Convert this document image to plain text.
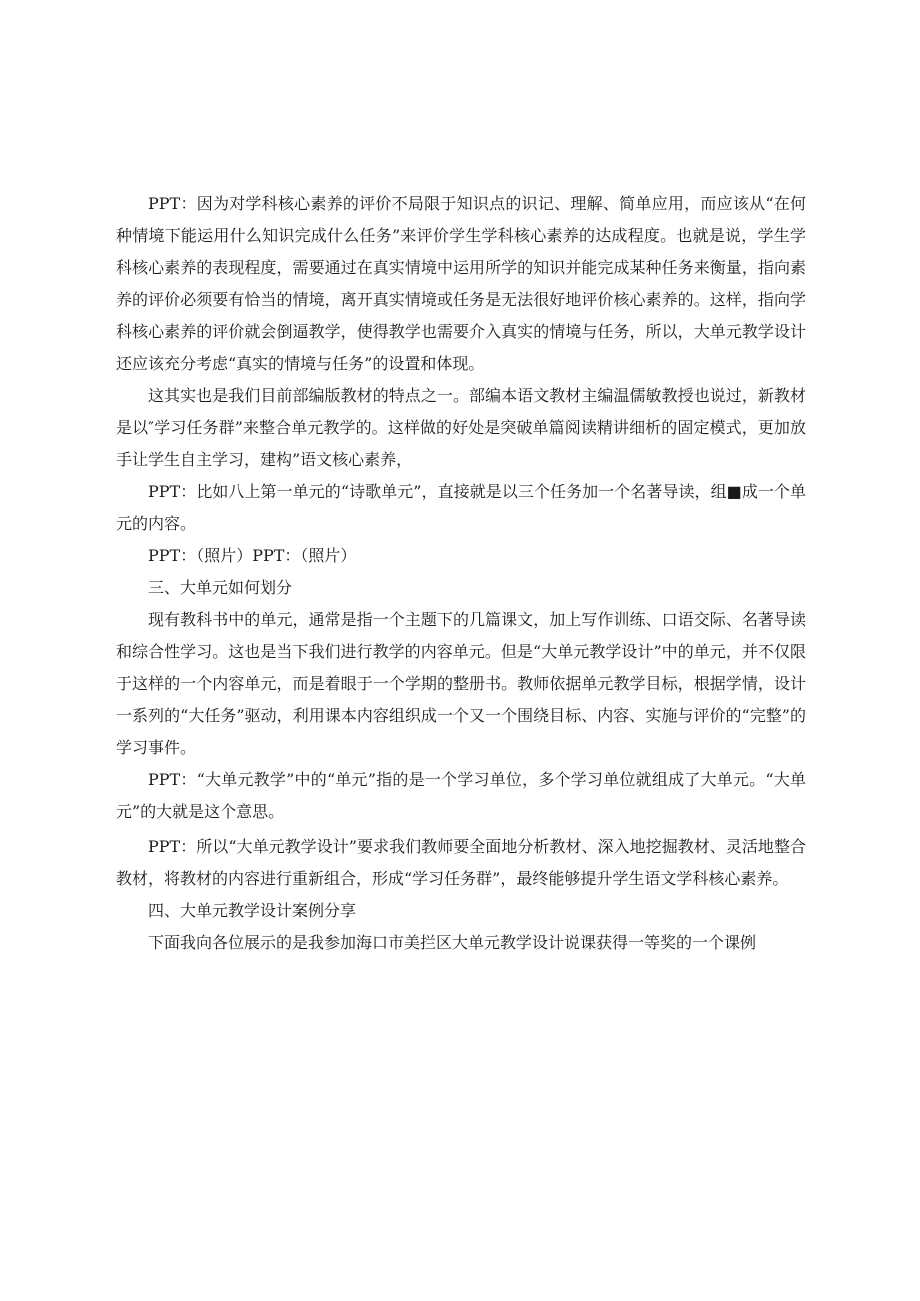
PPT：因为对学科核心素养的评价不局限于知识点的识记、理解、简单应用，而应该从“在何种情境下能运用什么知识完成什么任务”来评价学生学科核心素养的达成程度。也就是说，学生学科核心素养的表现程度，需要通过在真实情境中运用所学的知识并能完成某种任务来衡量，指向素养的评价必须要有恰当的情境，离开真实情境或任务是无法很好地评价核心素养的。这样，指向学科核心素养的评价就会倒逼教学，使得教学也需要介入真实的情境与任务，所以，大单元教学设计还应该充分考虑“真实的情境与任务”的设置和体现。

这其实也是我们目前部编版教材的特点之一。部编本语文教材主编温儒敏教授也说过，新教材是以″学习任务群”来整合单元教学的。这样做的好处是突破单篇阅读精讲细析的固定模式，更加放手让学生自主学习，建构”语文核心素养，

PPT：比如八上第一单元的“诗歌单元”，直接就是以三个任务加一个名著导读，组■成一个单元的内容。

PPT：（照片）PPT：（照片）

三、大单元如何划分

现有教科书中的单元，通常是指一个主题下的几篇课文，加上写作训练、口语交际、名著导读和综合性学习。这也是当下我们进行教学的内容单元。但是“大单元教学设计”中的单元，并不仅限于这样的一个内容单元，而是着眼于一个学期的整册书。教师依据单元教学目标，根据学情，设计一系列的“大任务”驱动，利用课本内容组织成一个又一个围绕目标、内容、实施与评价的“完整”的学习事件。

PPT：“大单元教学”中的“单元”指的是一个学习单位，多个学习单位就组成了大单元。“大单元”的大就是这个意思。

PPT：所以“大单元教学设计”要求我们教师要全面地分析教材、深入地挖掘教材、灵活地整合教材，将教材的内容进行重新组合，形成“学习任务群”，最终能够提升学生语文学科核心素养。

四、大单元教学设计案例分享

下面我向各位展示的是我参加海口市美拦区大单元教学设计说课获得一等奖的一个课例
